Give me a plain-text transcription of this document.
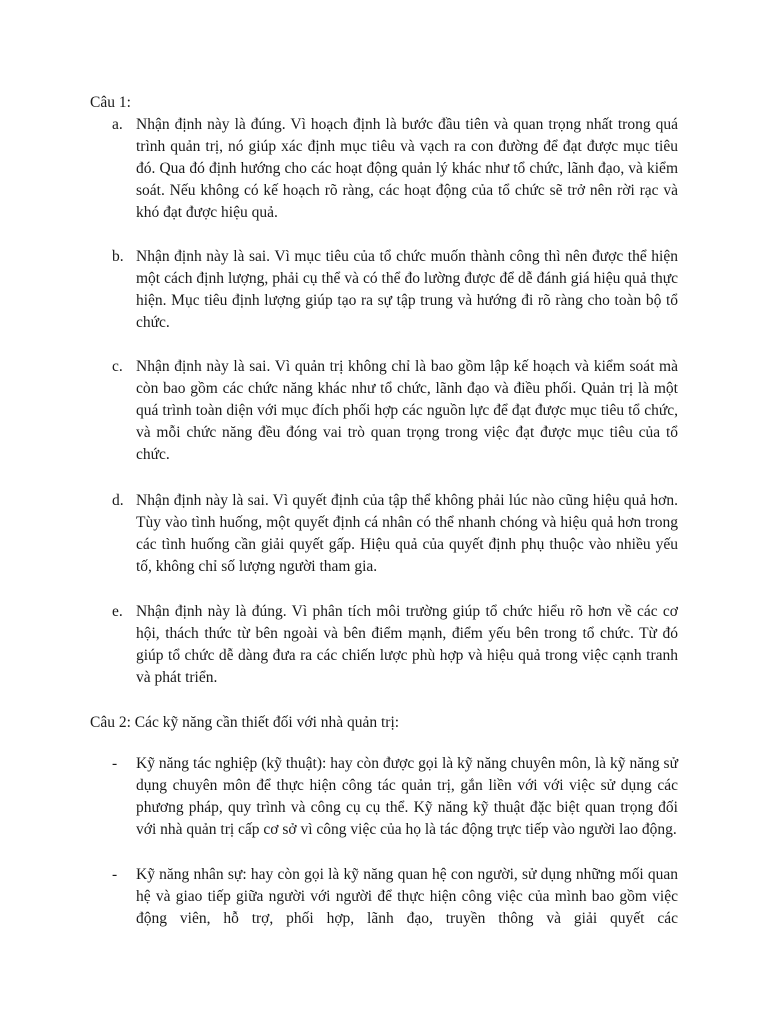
Câu 1:
a. Nhận định này là đúng. Vì hoạch định là bước đầu tiên và quan trọng nhất trong quá trình quản trị, nó giúp xác định mục tiêu và vạch ra con đường để đạt được mục tiêu đó. Qua đó định hướng cho các hoạt động quản lý khác như tổ chức, lãnh đạo, và kiểm soát. Nếu không có kế hoạch rõ ràng, các hoạt động của tổ chức sẽ trở nên rời rạc và khó đạt được hiệu quả.
b. Nhận định này là sai. Vì mục tiêu của tổ chức muốn thành công thì nên được thể hiện một cách định lượng, phải cụ thể và có thể đo lường được để dễ đánh giá hiệu quả thực hiện. Mục tiêu định lượng giúp tạo ra sự tập trung và hướng đi rõ ràng cho toàn bộ tổ chức.
c. Nhận định này là sai. Vì quản trị không chỉ là bao gồm lập kế hoạch và kiểm soát mà còn bao gồm các chức năng khác như tổ chức, lãnh đạo và điều phối. Quản trị là một quá trình toàn diện với mục đích phối hợp các nguồn lực để đạt được mục tiêu tổ chức, và mỗi chức năng đều đóng vai trò quan trọng trong việc đạt được mục tiêu của tổ chức.
d. Nhận định này là sai. Vì quyết định của tập thể không phải lúc nào cũng hiệu quả hơn. Tùy vào tình huống, một quyết định cá nhân có thể nhanh chóng và hiệu quả hơn trong các tình huống cần giải quyết gấp. Hiệu quả của quyết định phụ thuộc vào nhiều yếu tố, không chỉ số lượng người tham gia.
e. Nhận định này là đúng. Vì phân tích môi trường giúp tổ chức hiểu rõ hơn về các cơ hội, thách thức từ bên ngoài và bên điểm mạnh, điểm yếu bên trong tổ chức. Từ đó giúp tổ chức dễ dàng đưa ra các chiến lược phù hợp và hiệu quả trong việc cạnh tranh và phát triển.
Câu 2: Các kỹ năng cần thiết đối với nhà quản trị:
-	Kỹ năng tác nghiệp (kỹ thuật): hay còn được gọi là kỹ năng chuyên môn, là kỹ năng sử dụng chuyên môn để thực hiện công tác quản trị, gắn liền với với việc sử dụng các phương pháp, quy trình và công cụ cụ thể. Kỹ năng kỹ thuật đặc biệt quan trọng đối với nhà quản trị cấp cơ sở vì công việc của họ là tác động trực tiếp vào người lao động.
-	Kỹ năng nhân sự: hay còn gọi là kỹ năng quan hệ con người, sử dụng những mối quan hệ và giao tiếp giữa người với người để thực hiện công việc của mình bao gồm việc động viên, hỗ trợ, phối hợp, lãnh đạo, truyền thông và giải quyết các
